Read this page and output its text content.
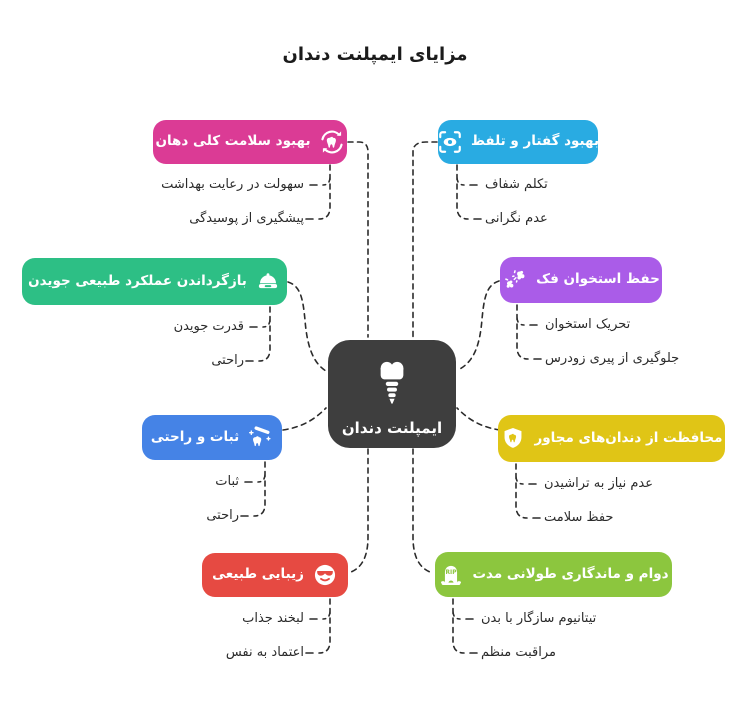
مزایای ایمپلنت دندان
بهبود سلامت کلی دهان
سهولت در رعایت بهداشت
پیشگیری از پوسیدگی
بهبود گفتار و تلفظ
تکلم شفاف
عدم نگرانی
بازگرداندن عملکرد طبیعی جویدن
قدرت جویدن
راحتی
حفظ استخوان فک
تحریک استخوان
جلوگیری از پیری زودرس
ثبات و راحتی
ثبات
راحتی
محافظت از دندان‌های مجاور
عدم نیاز به تراشیدن
حفظ سلامت
زیبایی طبیعی
لبخند جذاب
اعتماد به نفس
RIP دوام و ماندگاری طولانی مدت
تیتانیوم سازگار با بدن
مراقبت منظم
ایمپلنت دندان
